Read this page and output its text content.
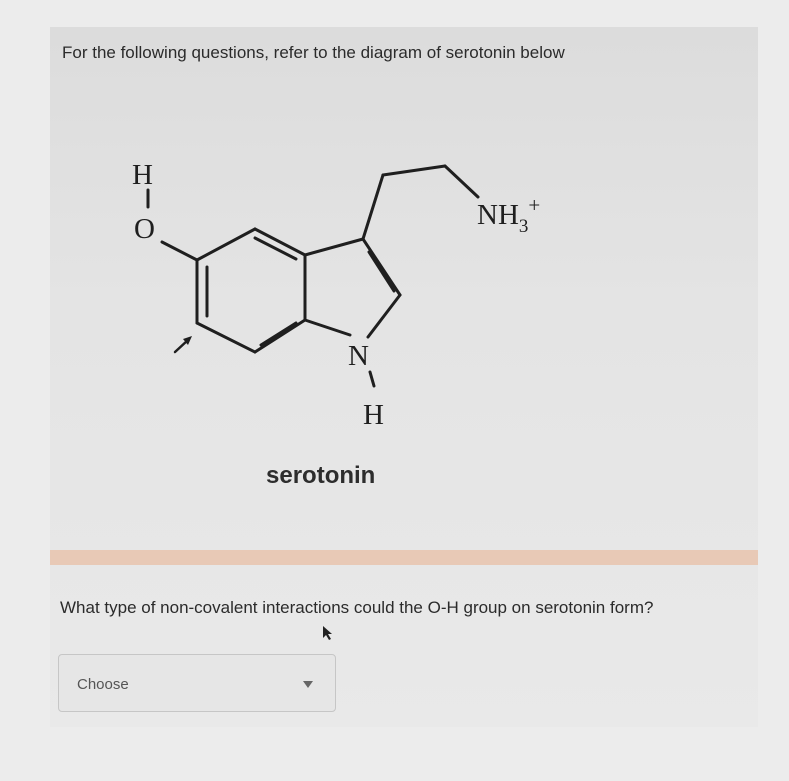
For the following questions, refer to the diagram of serotonin below
H
O
N
H
$NH_3^+$
serotonin
What type of non-covalent interactions could the O-H group on serotonin form?
Choose
